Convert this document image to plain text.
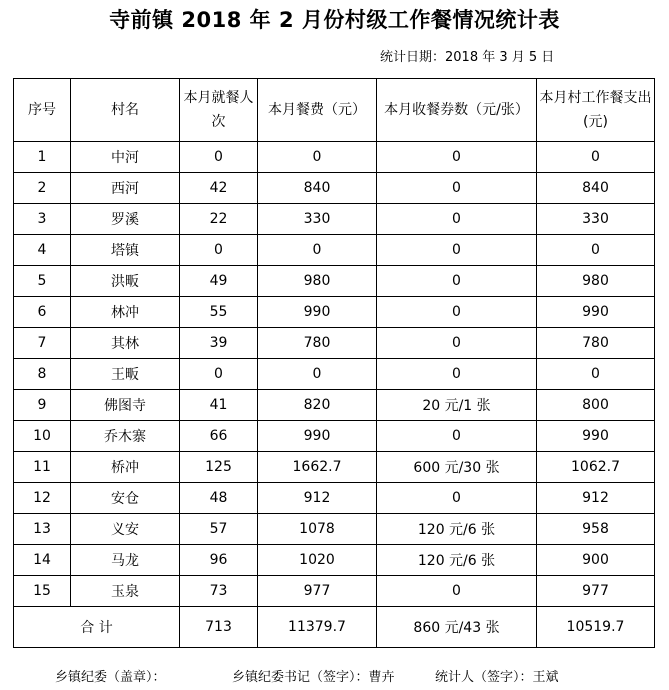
寺前镇 2018 年 2 月份村级工作餐情况统计表
统计日期：2018 年 3 月 5 日
序号	村名	本月就餐人次	本月餐费（元）	本月收餐券数（元/张）	本月村工作餐支出(元)
1	中河	0	0	0	0
2	西河	42	840	0	840
3	罗溪	22	330	0	330
4	塔镇	0	0	0	0
5	洪畈	49	980	0	980
6	林冲	55	990	0	990
7	其林	39	780	0	780
8	王畈	0	0	0	0
9	佛图寺	41	820	20 元/1 张	800
10	乔木寨	66	990	0	990
11	桥冲	125	1662.7	600 元/30 张	1062.7
12	安仓	48	912	0	912
13	义安	57	1078	120 元/6 张	958
14	马龙	96	1020	120 元/6 张	900
15	玉泉	73	977	0	977
合 计		713	11379.7	860 元/43 张	10519.7
乡镇纪委（盖章）：	乡镇纪委书记（签字）：曹卉	统计人（签字）：王斌
